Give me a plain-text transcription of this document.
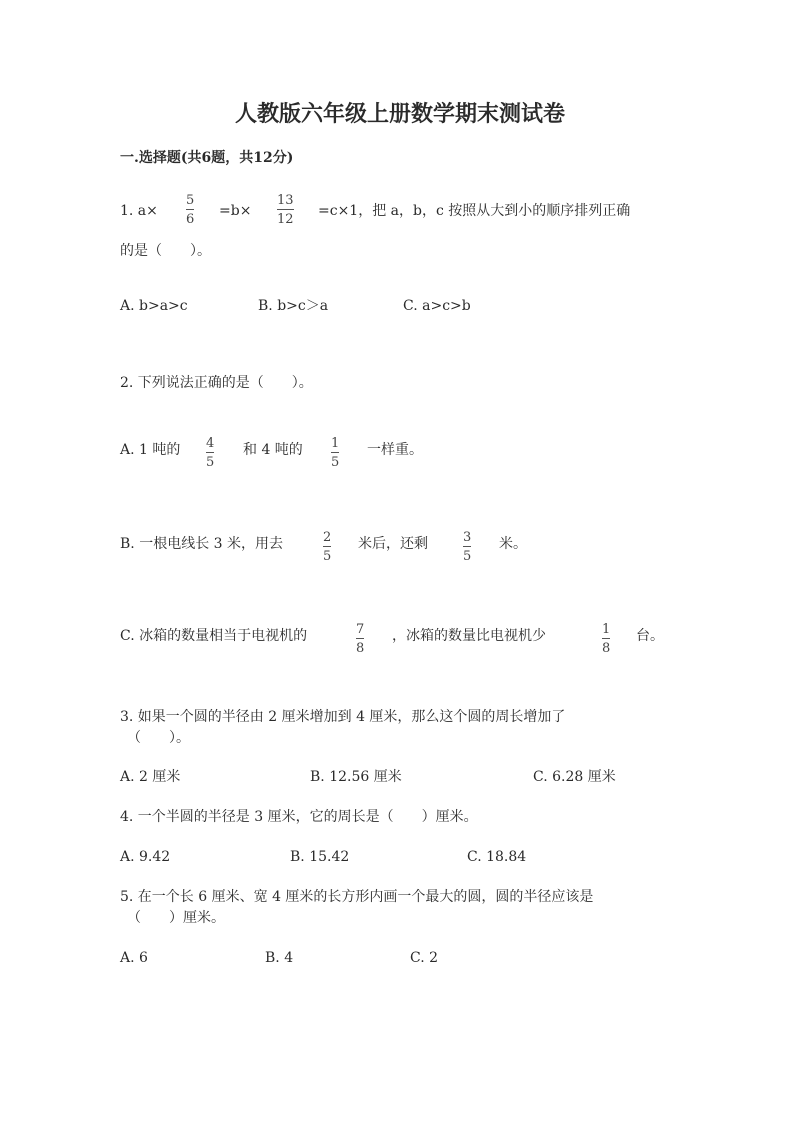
人教版六年级上册数学期末测试卷
一.选择题(共6题，共12分)
1. a×
5
6
=b×
13
12
=c×1，把 a，b，c 按照从大到小的顺序排列正确
的是（　　）。
A. b>a>c	B. b>c＞a	C. a>c>b
2. 下列说法正确的是（　　）。
A. 1 吨的 4
5
和 4 吨的 1
5
一样重。
B. 一根电线长 3 米，用去	2
5
米后，还剩	3
5
米。
C. 冰箱的数量相当于电视机的	7
8
，冰箱的数量比电视机少	1
8
台。
3. 如果一个圆的半径由 2 厘米增加到 4 厘米，那么这个圆的周长增加了
（　　）。
A. 2 厘米	B. 12.56 厘米	C. 6.28 厘米
4. 一个半圆的半径是 3 厘米，它的周长是（　　）厘米。
A. 9.42	B. 15.42	C. 18.84
5. 在一个长 6 厘米、宽 4 厘米的长方形内画一个最大的圆，圆的半径应该是
（　　）厘米。
A. 6	B. 4	C. 2
